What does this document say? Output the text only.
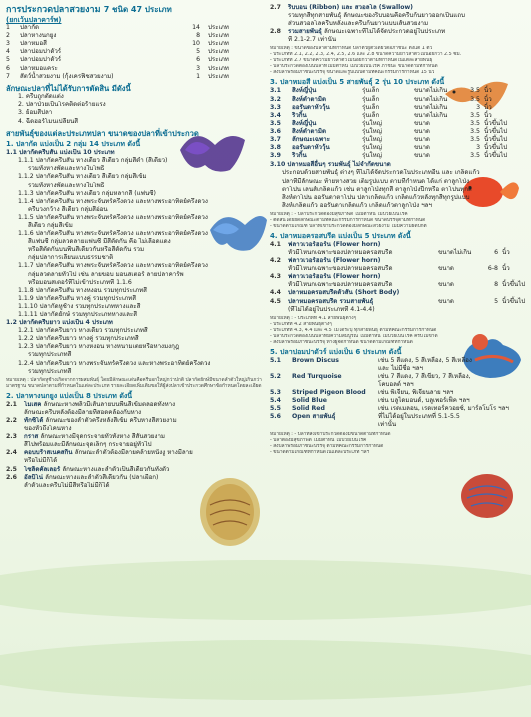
การประกวดปลาสวยงาม 7 ชนิด 47 ประเภท
(ยกเว้นปลาคาร์พ)
1	ปลากัด	14	ประเภท
2	ปลาหางนกยูง	8	ประเภท
3	ปลาหมอสี	10	ประเภท
4	ปลาปอมปาดัวร์	5	ประเภท
5	ปลาปอมปาดัวร์	6	ประเภท
6	ปลาหมอแคระ	3	ประเภท
7	สัตว์น้ำสวยงาม (กุ้งเครฟิชสวยงาม)	1	ประเภท
ลักษณะปลาที่ไม่ได้รับการตัดสิน มีดังนี้
1. ครีบถูกตัดแต่ง
2. ปลาป่วยเป็นโรคติดต่อร้ายแรง
3. ย้อมสีปลา
4. ฉีดฮอร์โมนเปลี่ยนสี
สายพันธุ์ของแต่ละประเภทปลา ขนาดของปลาที่เข้าประกวด
1. ปลากัด แบ่งเป็น 2 กลุ่ม 14 ประเภท ดังนี้
1.1 ปลากัดครีบสั้น แบ่งเป็น 10 ประเภท
1.1.1 ปลากัดครีบสั้น หางเดี่ยว สีเดียว กลุ่มสีดำ (สีเดียว)
รวมทั้งหางพัดและหางใบโพธิ์
1.1.2 ปลากัดครีบสั้น หางเดี่ยว สีเดียว กลุ่มสีเข้ม
รวมทั้งหางพัดและหางใบโพธิ์
1.1.3 ปลากัดครีบสั้น หางเดี่ยว กลุ่มหลากสี (แฟนซี)
1.1.4 ปลากัดครีบสั้น หางพระจันทร์ครึ่งดวง และหางพระอาทิตย์ครึ่งดวง
ครีบวงกว้าง สีเดียว กลุ่มสีอ่อน
1.1.5 ปลากัดครีบสั้น หางพระจันทร์ครึ่งดวง และหางพระอาทิตย์ครึ่งดวง
สีเดียว กลุ่มสีเข้ม
1.1.6 ปลากัดครีบสั้น หางพระจันทร์ครึ่งดวง และหางพระอาทิตย์ครึ่งดวง
สีแฟนซี กลุ่มลวดลายแฟนซี มีสีตัดกัน คือ ไม่เลือดแดง
หรือสีตัดกันบนพื้นสีเดียวกันหรือสีตัดกัน รวม
กลุ่มปลาการเลียนแบบธรรมชาติ
1.1.7 ปลากัดครีบสั้น หางพระจันทร์ครึ่งดวง และหางพระอาทิตย์ครึ่งดวง
กลุ่มลวดลายทั่วไป เช่น ลายขอบ มอนสเตอร์ ลายปลาคาร์พ
หรือมอนสเตอร์ที่ไม่เข้าประเภทที่ 1.1.6
1.1.8 ปลากัดครีบสั้น หางหงอน รวมทุกประเภทสี
1.1.9 ปลากัดครีบสั้น หางคู่ รวมทุกประเภทสี
1.1.10 ปลากัดหูช้าง รวมทุกประเภทหางและสี
1.1.11 ปลากัดยักษ์ รวมทุกประเภทหางและสี
1.2 ปลากัดครีบยาว แบ่งเป็น 4 ประเภท
1.2.1 ปลากัดครีบยาว หางเดี่ยว รวมทุกประเภทสี
1.2.2 ปลากัดครีบยาว หางคู่ รวมทุกประเภทสี
1.2.3 ปลากัดครีบยาว หางหงอน หางหนามเตยหรือหางมงกุฎ
รวมทุกประเภทสี
1.2.4 ปลากัดครีบยาว หางพระจันทร์ครึ่งดวง และหางพระอาทิตย์ครึ่งดวง
รวมทุกประเภทสี
หมายเหตุ : ปลากัดหูช้างเกิดจากการผสมพันธุ์ โดยมีลักษณะเด่นคือครีบอกใหญ่กว่าปกติ ปลากัดยักษ์มีขนาดลำตัวใหญ่เกินกว่ามาตรฐาน ขนาดปลาตามที่กำหนดในแต่ละประเภท รายละเอียดเพิ่มเติมขอให้ผู้ส่งปลาเข้าประกวดศึกษาข้อกำหนดโดยละเอียด
2. ปลาหางนกยูง แบ่งเป็น 8 ประเภท ดังนี้
2.1 โมเสค ลักษณะหางพลิ้วมีเส้นลายบนพื้นสีเข้มตลอดทั้งหาง
ลักษณะครีบหลังต้องมีลายที่สอดคล้องกับหาง
2.2 ทักซิโด้ ลักษณะของลำตัวครึ่งหลังสีเข้ม ครีบหางสีสวยงาม
ของหัวถึงโคนหาง
2.3 กราส ลักษณะหางมีจุดกระจายทั่วทั้งหาง สีสันสวยงาม
สีไปพร้อมและมีลักษณะจุดเล็กๆ กระจายอยู่ทั่วไป
2.4 คอบบร้าสเนคสกิน ลักษณะลำตัวต้องมีลายคล้ายหนังงู หางมีลาย
หรือไม่มีก็ได้
2.5 โซลิดคัลเลอร์ ลักษณะหางและลำตัวเป็นสีเดียวกันทั้งตัว
2.6 อัลบิโน่ ลักษณะหางและลำตัวสีเดียวกัน (ปลาเผือก)
ลำตัวและครีบไม่มีสีหรือไม่มีก็ได้
2.7 ริบบอน (Ribbon) และ สวอลโล (Swallow)
รวมทุกสีทุกสายพันธุ์ ลักษณะของริบบอนคือครีบก้นยาวออกเป็นแถบ
ส่วนสวอลโลครีบหลังและครีบก้นยาวแบบเส้นสวยงาม
2.8 รวมสายพันธุ์ ลักษณะเฉพาะที่ไม่ได้จัดประกวดอยู่ในประเภท
ที่ 2.1-2.7 เท่านั้น
หมายเหตุ : ขนาดของปลาตามที่กำหนด ปลาตัวผู้ตัวเดียวต่อภาชนะ ตั้งแต่ 1 ตัว
- ประเภทที่ 2.1, 2.2, 2.3, 2.4, 2.5, 2.6 และ 2.8 ขนาดความยาวลำตัวไม่น้อยกว่า 2.5 ซม.
- ประเภทที่ 2.7 ขนาดความยาวลำตัวไม่น้อยกว่าตามที่กำหนดในแต่ละสายพันธุ์
- ปลาประกวดต้องเป็นปลาที่ไม่มีตำหนิ ไม่ป่วยเป็นโรค ภาชนะ ขนาดตามที่กำหนด
- ส่งปลาพร้อมภาชนะบรรจุ ขนาดและรูปแบบตามที่คณะกรรมการกำหนด 15 นิ้ว
3. ปลาหมอสี แบ่งเป็น 5 สายพันธุ์ 2 รุ่น 10 ประเภท ดังนี้
3.1	สิงห์ญี่ปุ่น	รุ่นเล็ก	ขนาดไม่เกิน	3.5 นิ้ว
3.2	สิงห์ดำตามิด	รุ่นเล็ก	ขนาดไม่เกิน	3.5 นิ้ว
3.3	ออรันดาหัววุ้น	รุ่นเล็ก	ขนาดไม่เกิน	3 นิ้ว
3.4	ริวกิ้น	รุ่นเล็ก	ขนาดไม่เกิน	3.5 นิ้ว
3.5	สิงห์ญี่ปุ่น	รุ่นใหญ่	ขนาด	3.5 นิ้วขึ้นไป
3.6	สิงห์ดำตามิด	รุ่นใหญ่	ขนาด	3.5 นิ้วขึ้นไป
3.7	ลักษณะเฉพาะ	รุ่นใหญ่	ขนาด	3.5 นิ้วขึ้นไป
3.8	ออรันดาหัววุ้น	รุ่นใหญ่	ขนาด	3 นิ้วขึ้นไป
3.9	ริวกิ้น	รุ่นใหญ่	ขนาด	3.5 นิ้วขึ้นไป
3.10 ปลาหมอสีอื่นๆ รวมพันธุ์ ไม่จำกัดขนาด
ประกอบด้วยสายพันธุ์ ต่างๆ ที่ไม่ได้จัดประกวดในประเภทอื่น และ เกล็ดแก้ว
ปลาที่มีลักษณะ ท้ายหางสวย เต็มรูปแบบ ตามที่กำหนด ได้แก่ ตาลูกโป่ง
ตาโปน เลนส์เกล็ดแก้ว เช่น ตาลูกโป่งทุกสี ตาลูกโป่งปีกหรือ ตาโปนทุกสี
สิงห์ตาโปน ออรันดาตาโปน ปลาเกล็ดแก้ว เกล็ดแก้วหลังทุกสีทุกรูปแบบ
สิงห์เกล็ดแก้ว ออรันดาเกล็ดแก้ว เกล็ดแก้วตาลูกโป่ง ฯลฯ
หมายเหตุ : - ปลาประกวดต้องมีสุขภาพดี ไม่มีตำหนิ ไม่ป่วยเป็นโรค
- ตัดสินโดยยึดลักษณะตามที่คณะกรรมการกำหนด ขนาดบรรจุตามที่กำหนด
- ขนาดตามเกณฑ์ ปลาที่เข้าประกวดต้องมีลักษณะสวยงาม ไม่มีความผิดปกติ
4. ปลาหมอครอสบรีด แบ่งเป็น 5 ประเภท ดังนี้
4.1	ฟลาวเวอร์ฮอร์น (Flower horn)
หัวมีโหนกเฉพาะของปลาหมอครอสบรีด	ขนาดไม่เกิน	6 นิ้ว
4.2	ฟลาวเวอร์ฮอร์น (Flower horn)
หัวมีโหนกเฉพาะของปลาหมอครอสบรีด	ขนาด	6-8 นิ้ว
4.3	ฟลาวเวอร์ฮอร์น (Flower horn)
หัวมีโหนกเฉพาะของปลาหมอครอสบรีด	ขนาด	8 นิ้วขึ้นไป
4.4	ปลาหมอครอสบรีดตัวสั้น (Short Body)
4.5	ปลาหมอครอสบรีด รวมสายพันธุ์	ขนาด	5 นิ้วขึ้นไป
(ที่ไม่ได้อยู่ในประเภทที่ 4.1-4.4)
หมายเหตุ : - ประเภทที่ 4.1 สายพันธุ์ต่างๆ
- ประเภทที่ 4.2 สายพันธุ์ต่างๆ
- ประเภทที่ 4.3, 4.4 และ 4.5 ไม่ได้ระบุ ทุกสายพันธุ์ ตามที่คณะกรรมการกำหนด
- ปลาประกวดต้องเป็นปลาที่มีความสมบูรณ์ ไม่มีตำหนิ ไม่ป่วยเป็นโรค ครีบไม่ขาด
- ส่งปลาพร้อมภาชนะบรรจุ ทางผู้จัดกำหนด ขนาดตามเกณฑ์ที่กำหนด
5. ปลาปอมปาดัวร์ แบ่งเป็น 6 ประเภท ดังนี้
5.1	Brown Discus	เช่น 5 สีแดง, 5 สีเหลือง, 5 สีเหลือง
และ ไม่มีชื่อ ฯลฯ
5.2	Red Turquoise	เช่น 7 สีแดง, 7 สีเขียว, 7 สีเหลือง,
โคบอลต์ ฯลฯ
5.3	Striped Pigeon Blood	เช่น พิเจียน, พิเจียนลาย ฯลฯ
5.4	Solid Blue	เช่น บลูไดมอนด์, บลูเพอร์เฟ็ค ฯลฯ
5.5	Solid Red	เช่น เรดเมลอน, เรดเทอร์ควอยซ์, มาร์ลโบโร ฯลฯ
5.6	Open สายพันธุ์	ที่ไม่ได้อยู่ในประเภทที่ 5.1-5.5
เท่านั้น
หมายเหตุ : - ปลาที่ส่งเข้าประกวดต้องมีขนาดตามที่กำหนด
- ปลาต้องมีสุขภาพดี ไม่มีตำหนิ ไม่ป่วยเป็นโรค
- ส่งปลาพร้อมภาชนะบรรจุ ตามที่คณะกรรมการกำหนด
- ขนาดตามเกณฑ์ที่กำหนดในแต่ละประเภท ฯลฯ
